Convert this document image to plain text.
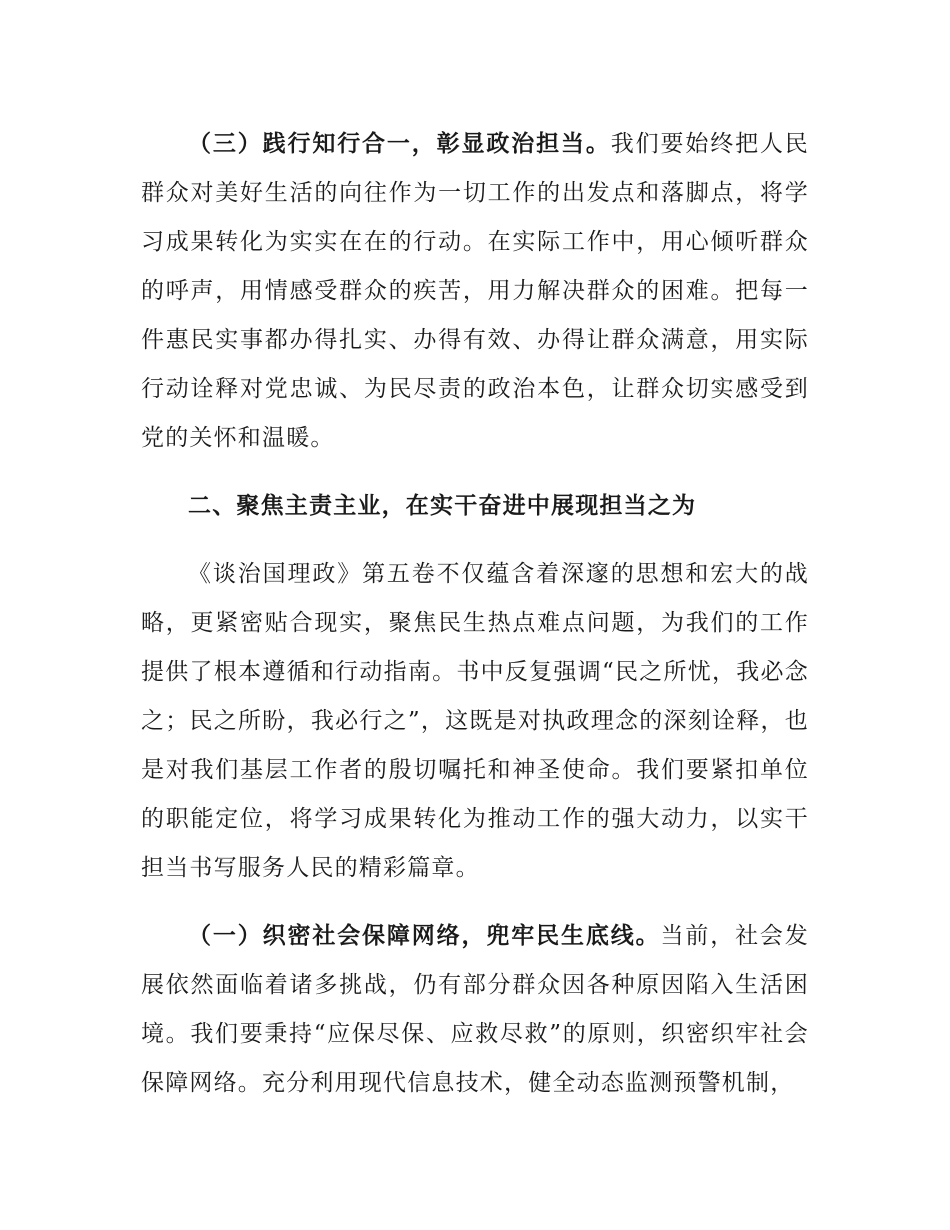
（三）践行知行合一，彰显政治担当。我们要始终把人民群众对美好生活的向往作为一切工作的出发点和落脚点，将学习成果转化为实实在在的行动。在实际工作中，用心倾听群众的呼声，用情感受群众的疾苦，用力解决群众的困难。把每一件惠民实事都办得扎实、办得有效、办得让群众满意，用实际行动诠释对党忠诚、为民尽责的政治本色，让群众切实感受到党的关怀和温暖。

二、聚焦主责主业，在实干奋进中展现担当之为

《谈治国理政》第五卷不仅蕴含着深邃的思想和宏大的战略，更紧密贴合现实，聚焦民生热点难点问题，为我们的工作提供了根本遵循和行动指南。书中反复强调“民之所忧，我必念之；民之所盼，我必行之”，这既是对执政理念的深刻诠释，也是对我们基层工作者的殷切嘱托和神圣使命。我们要紧扣单位的职能定位，将学习成果转化为推动工作的强大动力，以实干担当书写服务人民的精彩篇章。

（一）织密社会保障网络，兜牢民生底线。当前，社会发展依然面临着诸多挑战，仍有部分群众因各种原因陷入生活困境。我们要秉持“应保尽保、应救尽救”的原则，织密织牢社会保障网络。充分利用现代信息技术，健全动态监测预警机制，
